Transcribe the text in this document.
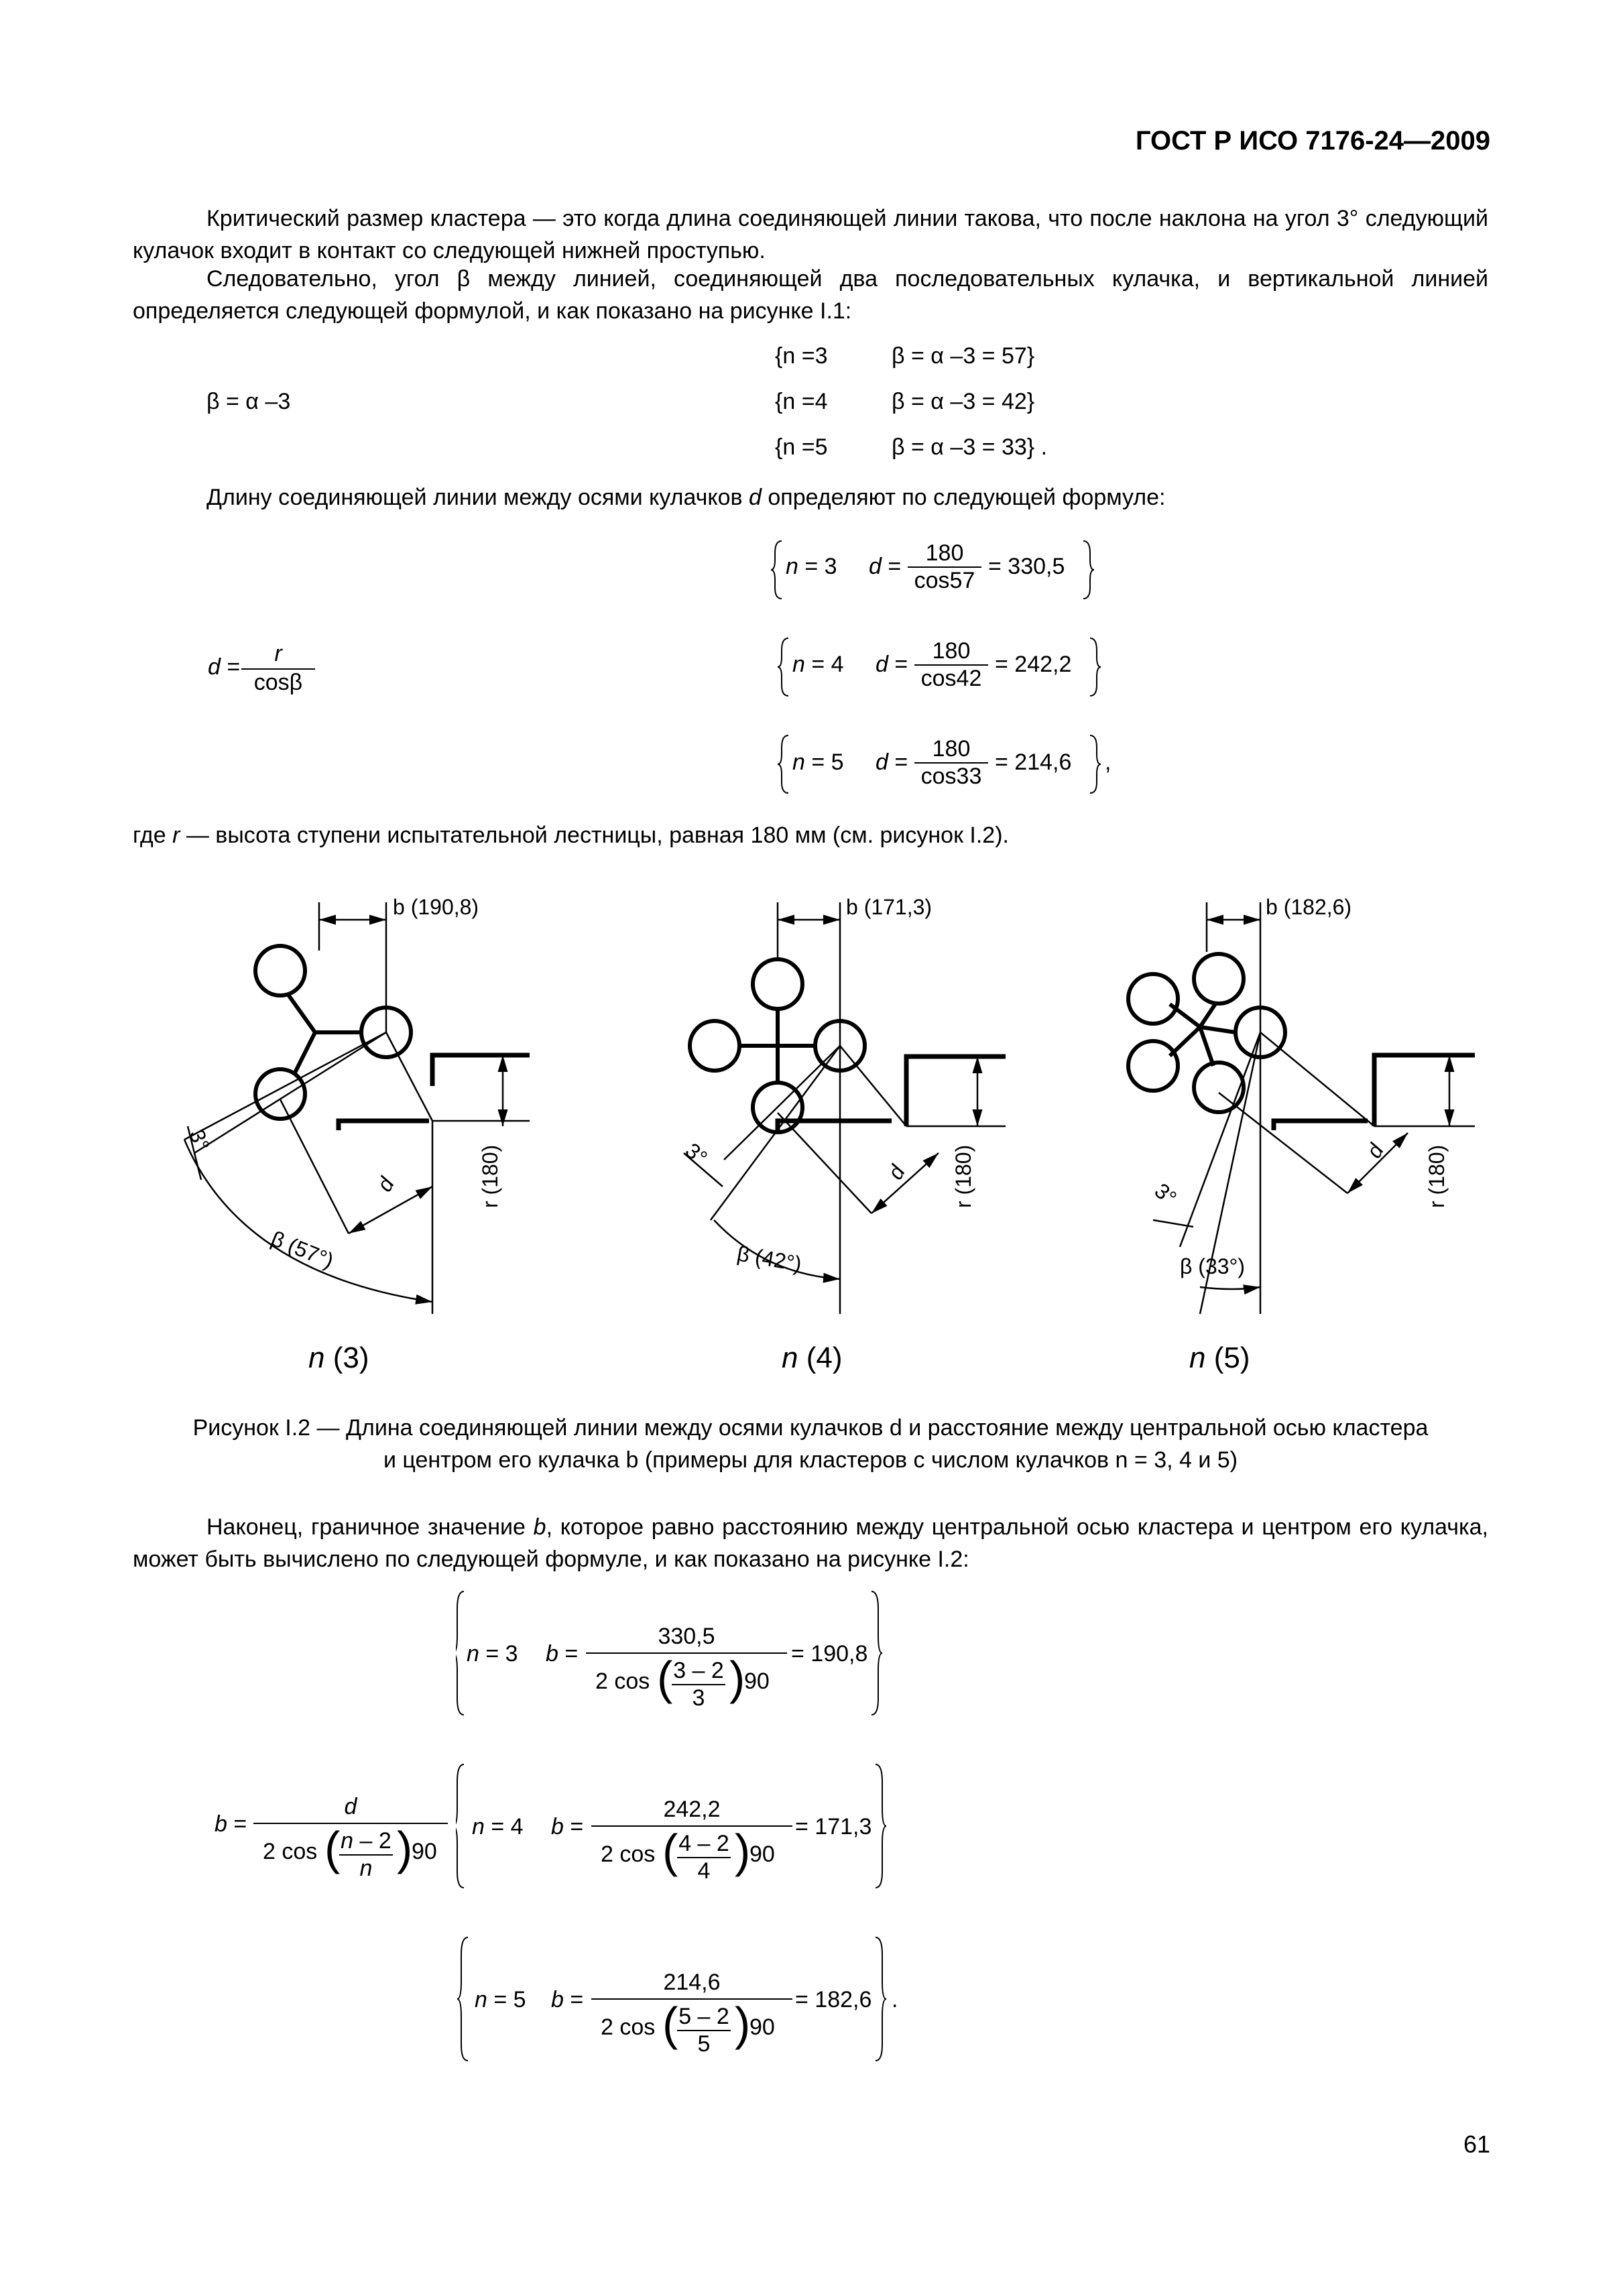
ГОСТ Р ИСО 7176-24—2009
Критический размер кластера — это когда длина соединяющей линии такова, что после наклона на угол 3° следующий кулачок входит в контакт со следующей нижней проступью.
Следовательно, угол β между линией, соединяющей два последовательных кулачка, и вертикальной линией определяется следующей формулой, и как показано на рисунке I.1:
β = α –3
{n =3	β = α –3 = 57}
{n =4	β = α –3 = 42}
{n =5	β = α –3 = 33} .
Длину соединяющей линии между осями кулачков d определяют по следующей формуле:
d =
r
cosβ
n = 3 d =
180
cos57
= 330,5
n = 4 d =
180
cos42
= 242,2
n = 5 d =
180
cos33
= 214,6 ,
где r — высота ступени испытательной лестницы, равная 180 мм (см. рисунок I.2).
b (190,8)	b (171,3)	b (182,6)
β (57°)	β (42°)	β (33°)
3°	3°
3°
d
d
d
r (180)	r (180)	r (180)
n (3)	n (4)	n (5)
Рисунок I.2 — Длина соединяющей линии между осями кулачков d и расстояние между центральной осью кластера
и центром его кулачка b (примеры для кластеров с числом кулачков n = 3, 4 и 5)
Наконец, граничное значение b, которое равно расстоянию между центральной осью кластера и центром его кулачка, может быть вычислено по следующей формуле, и как показано на рисунке I.2:
b =
d
2 cos ( n – 2
n )
90
n = 3 b =
330,5
2 cos ( 3 – 2
3 )
90
= 190,8
n = 4 b =
242,2
2 cos ( 4 – 2
4 )
90
= 171,3
n = 5 b =
214,6
2 cos ( 5 – 2
5 )
90
= 182,6 .
61
